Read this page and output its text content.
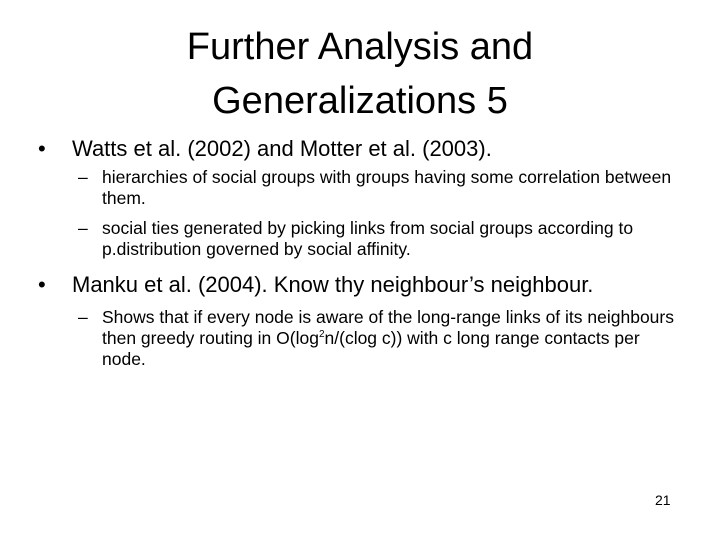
Further Analysis and
Generalizations 5
• Watts et al. (2002) and Motter et al. (2003).
– hierarchies of social groups with groups having some correlation between them.
– social ties generated by picking links from social groups according to p.distribution governed by social affinity.
• Manku et al. (2004). Know thy neighbour’s neighbour.
– Shows that if every node is aware of the long-range links of its neighbours then greedy routing in $O(\log^2n/(clog$ c)) with c long range contacts per node.
21
